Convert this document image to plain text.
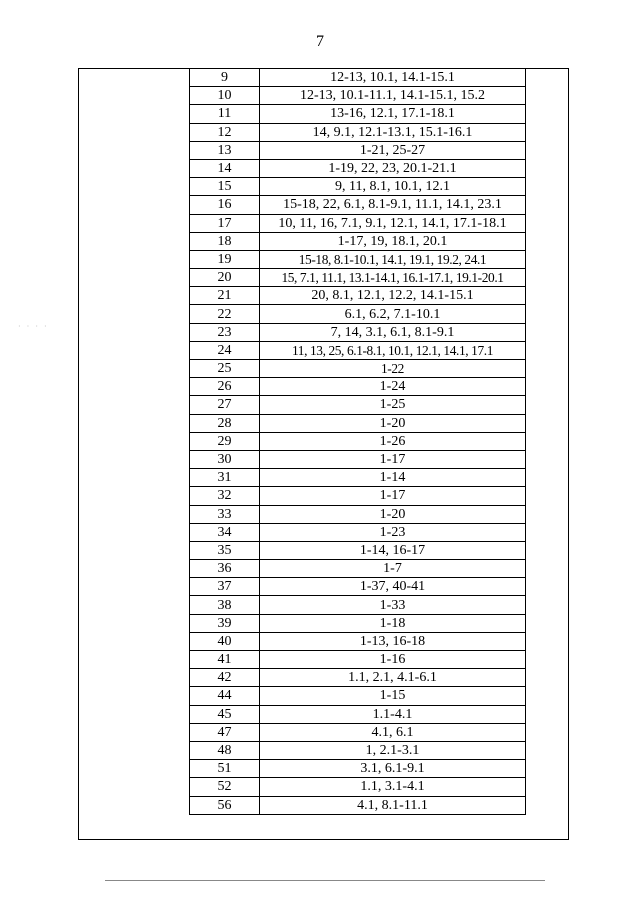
7
9	12-13, 10.1, 14.1-15.1
10	12-13, 10.1-11.1, 14.1-15.1, 15.2
11	13-16, 12.1, 17.1-18.1
12	14, 9.1, 12.1-13.1, 15.1-16.1
13	1-21, 25-27
14	1-19, 22, 23, 20.1-21.1
15	9, 11, 8.1, 10.1, 12.1
16	15-18, 22, 6.1, 8.1-9.1, 11.1, 14.1, 23.1
17	10, 11, 16, 7.1, 9.1, 12.1, 14.1, 17.1-18.1
18	1-17, 19, 18.1, 20.1
19	15-18, 8.1-10.1, 14.1, 19.1, 19.2, 24.1
20	15, 7.1, 11.1, 13.1-14.1, 16.1-17.1, 19.1-20.1
21	20, 8.1, 12.1, 12.2, 14.1-15.1
22	6.1, 6.2, 7.1-10.1
23	7, 14, 3.1, 6.1, 8.1-9.1
24	11, 13, 25, 6.1-8.1, 10.1, 12.1, 14.1, 17.1
25	1-22
26	1-24
27	1-25
28	1-20
29	1-26
30	1-17
31	1-14
32	1-17
33	1-20
34	1-23
35	1-14, 16-17
36	1-7
37	1-37, 40-41
38	1-33
39	1-18
40	1-13, 16-18
41	1-16
42	1.1, 2.1, 4.1-6.1
44	1-15
45	1.1-4.1
47	4.1, 6.1
48	1, 2.1-3.1
51	3.1, 6.1-9.1
52	1.1, 3.1-4.1
56	4.1, 8.1-11.1
· · · ·
